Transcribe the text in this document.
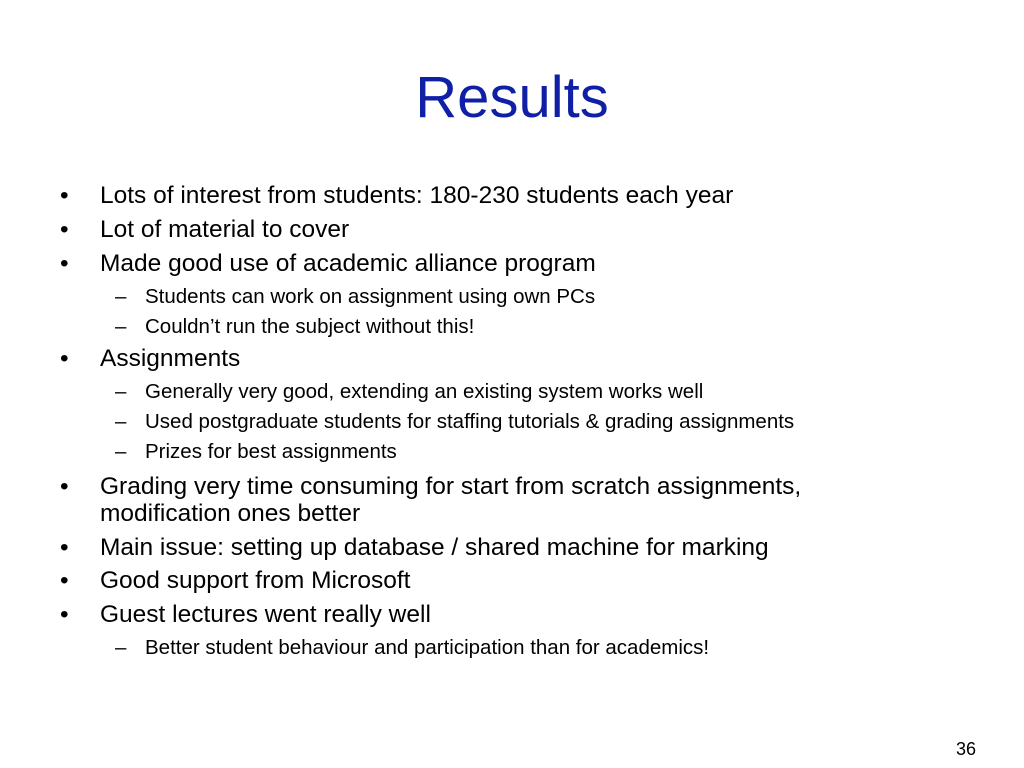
Results
•	Lots of interest from students: 180-230 students each year
•	Lot of material to cover
•	Made good use of academic alliance program
– Students can work on assignment using own PCs
– Couldn’t run the subject without this!
•	Assignments
– Generally very good, extending an existing system works well
– Used postgraduate students for staffing tutorials & grading assignments
– Prizes for best assignments
•	Grading very time consuming for start from scratch assignments,
modification ones better
•	Main issue: setting up database / shared machine for marking
•	Good support from Microsoft
•	Guest lectures went really well
– Better student behaviour and participation than for academics!
36
